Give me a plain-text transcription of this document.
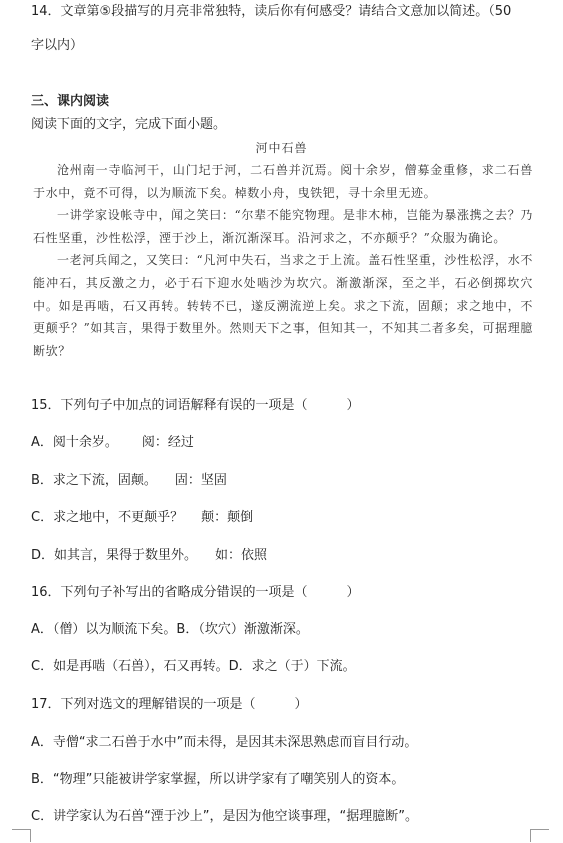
14．文章第⑤段描写的月亮非常独特，读后你有何感受？请结合文意加以简述。（50
字以内）
三、课内阅读
阅读下面的文字，完成下面小题。
河中石兽

沧州南一寺临河干，山门圮于河，二石兽并沉焉。阅十余岁，僧募金重修，求二石兽于水中，竟不可得，以为顺流下矣。棹数小舟，曳铁钯，寻十余里无迹。

一讲学家设帐寺中，闻之笑曰：“尔辈不能究物理。是非木柿，岂能为暴涨携之去？乃石性坚重，沙性松浮，湮于沙上，渐沉渐深耳。沿河求之，不亦颠乎？”众服为确论。

一老河兵闻之，又笑曰：“凡河中失石，当求之于上流。盖石性坚重，沙性松浮，水不能冲石，其反激之力，必于石下迎水处啮沙为坎穴。渐激渐深，至之半，石必倒掷坎穴中。如是再啮，石又再转。转转不已，遂反溯流逆上矣。求之下流，固颠；求之地中，不更颠乎？”如其言，果得于数里外。然则天下之事，但知其一，不知其二者多矣，可据理臆断欤？

15．下列句子中加点的词语解释有误的一项是（　　　）
A．阅十余岁。 阅：经过
B．求之下流，固颠。 固：坚固
C．求之地中，不更颠乎？ 颠：颠倒
D．如其言，果得于数里外。 如：依照
16．下列句子补写出的省略成分错误的一项是（　　　）
A．（僧）以为顺流下矣。B．（坎穴）渐激渐深。
C．如是再啮（石兽），石又再转。D．求之（于）下流。
17．下列对选文的理解错误的一项是（　　　）
A．寺僧“求二石兽于水中”而未得，是因其未深思熟虑而盲目行动。
B．“物理”只能被讲学家掌握，所以讲学家有了嘲笑别人的资本。
C．讲学家认为石兽“湮于沙上”，是因为他空谈事理，“据理臆断”。
